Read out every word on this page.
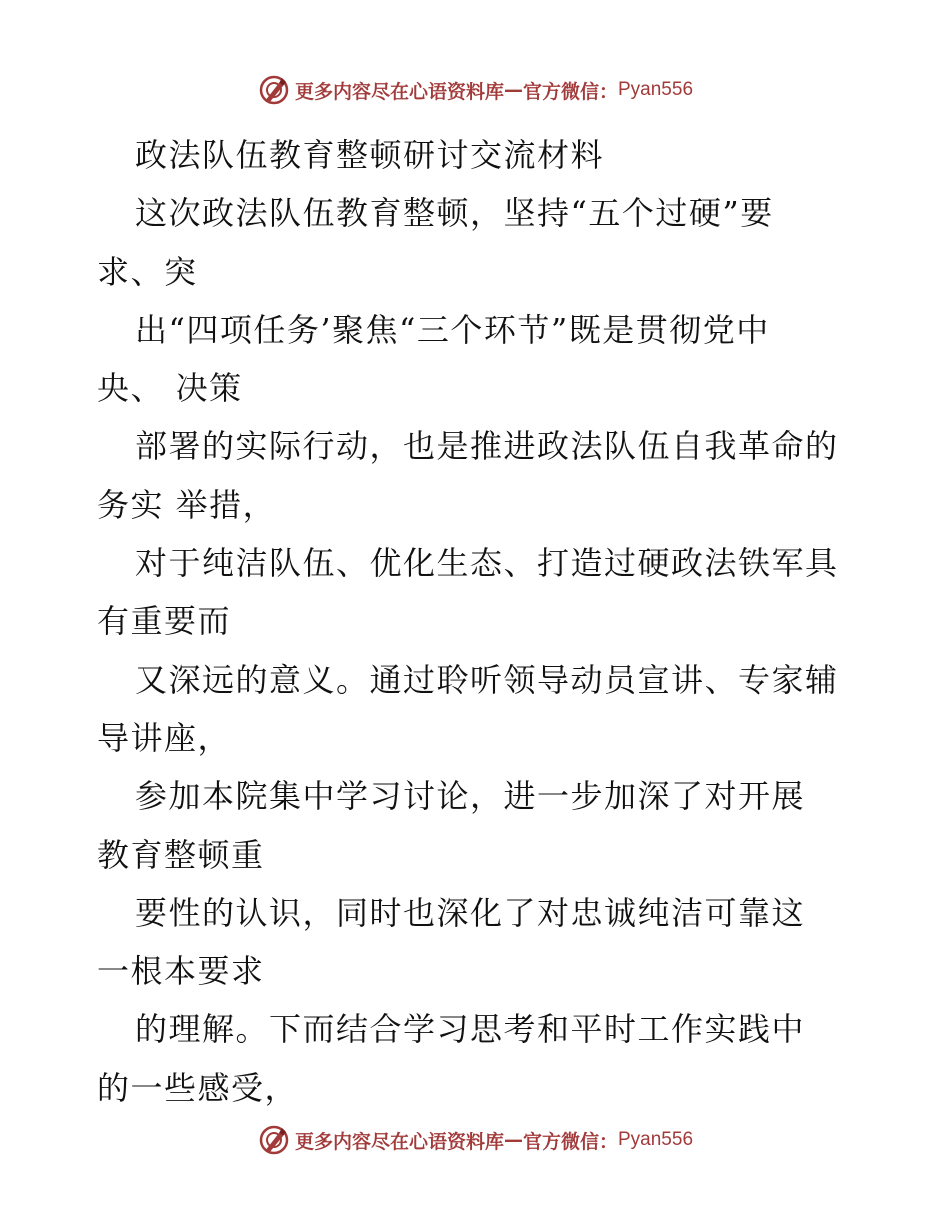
更多内容尽在心语资料库 — 官方微信： Pyan556
政法队伍教育整顿研讨交流材料
这次政法队伍教育整顿，坚持“五个过硬”要
求、突
出“四项任务’聚焦“三个环节”既是贯彻党中
央、 决策
部署的实际行动，也是推进政法队伍自我革命的
务实 举措，
对于纯洁队伍、优化生态、打造过硬政法铁军具
有重要而
又深远的意义。通过聆听领导动员宣讲、专家辅
导讲座，
参加本院集中学习讨论，进一步加深了对开展
教育整顿重
要性的认识，同时也深化了对忠诚纯洁可靠这
一根本要求
的理解。下而结合学习思考和平时工作实践中
的一些感受，
更多内容尽在心语资料库 — 官方微信： Pyan556
